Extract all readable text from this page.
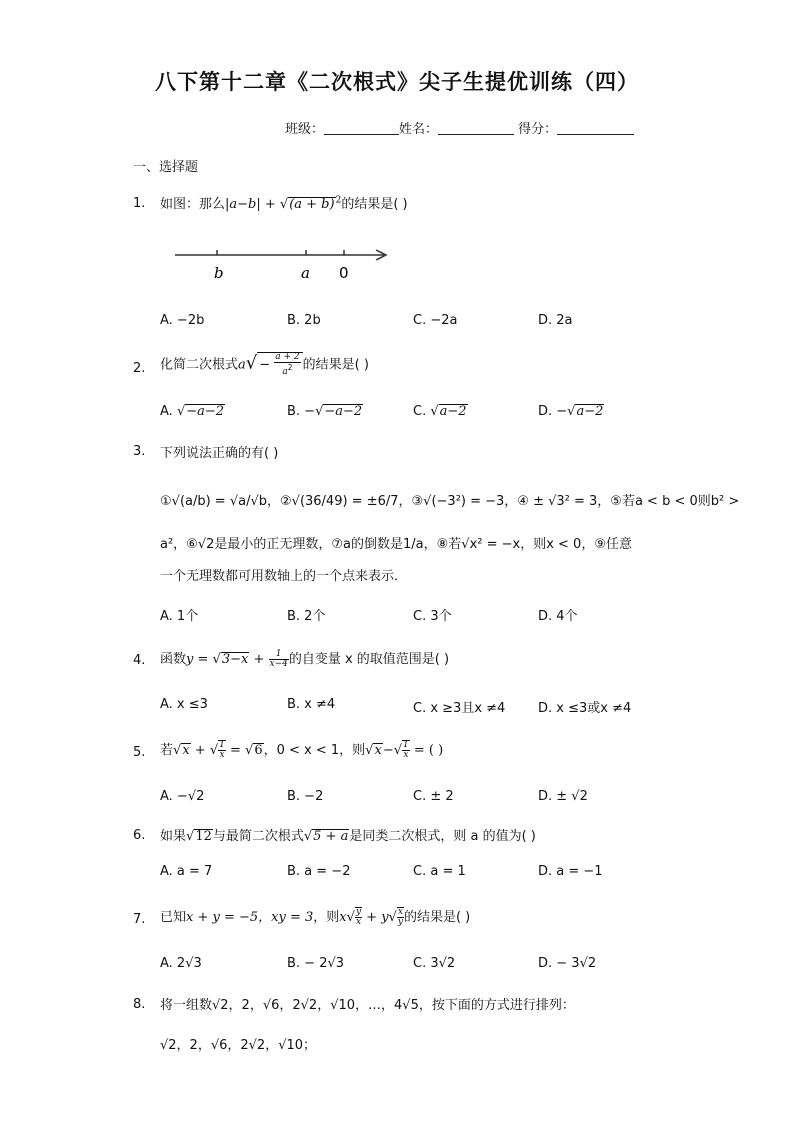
八下第十二章《二次根式》尖子生提优训练（四）
班级：	姓名：	得分：
一、选择题
1. 如图：那么$|a-b| + √(a + b)^2$的结果是( )
b	a 0
A. −2b	B. 2b	C. −2a	D. 2a
2. 化简二次根式$a√ - \frac{a + 2}{a^2}$ 的结果是( )
A. √−a−2	B. −√−a−2	C. √a−2	D. −√a−2
3. 下列说法正确的有( )
①√(a/b) = √a/√b，②√(36/49) = ±6/7，③√(−3²) = −3，④ ± √3² = 3，⑤若a < b < 0则b² >
a²，⑥√2是最小的正无理数，⑦a的倒数是1/a，⑧若√x² = −x，则x < 0，⑨任意
一个无理数都可用数轴上的一个点来表示．
A. 1个	B. 2个	C. 3个	D. 4个
4. 函数$y = √3-x + \frac{1}{x-4}$ 的自变量 x 的取值范围是( )
A. x ≤3	B. x ≠4	C. x ≥3且x ≠4	D. x ≤3或x ≠4
5. 若√x + √ $\frac{1}{x} = √6$，0 < x < 1，则$√x-√ \frac{1}{x}$ = ( )
A. −√2	B. −2	C. ± 2	D. ± √2
6. 如果√12与最简二次根式√5 + a是同类二次根式，则 a 的值为( )
A. a = 7	B. a = −2	C. a = 1	D. a = −1
7. 已知x + y = −5，xy = 3，则$x√ \frac{y}{x} + y√ \frac{x}{y}$ 的结果是( )
A. 2√3	B. − 2√3	C. 3√2	D. − 3√2
8. 将一组数√2，2，√6，2√2，√10，…，4√5，按下面的方式进行排列：
√2，2，√6，2√2，√10；
